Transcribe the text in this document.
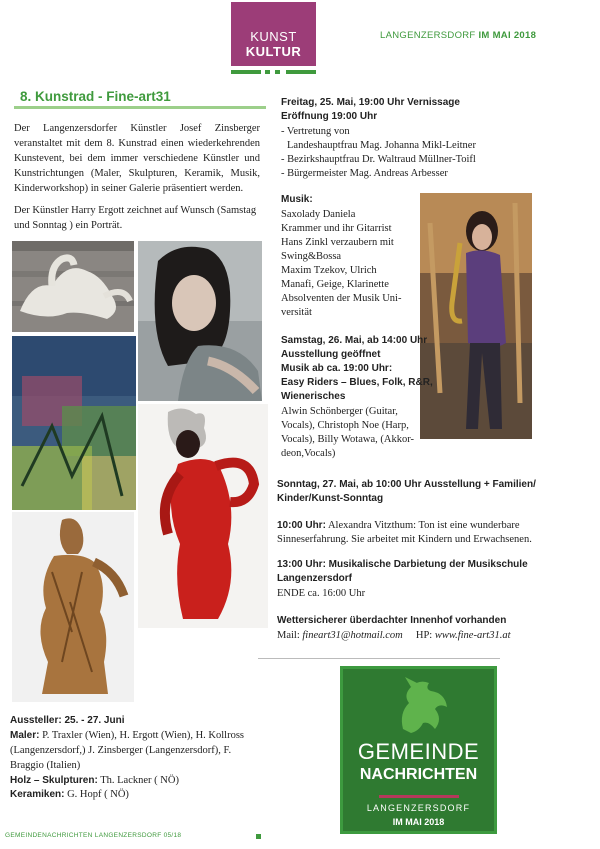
KUNST
KULTUR
LANGENZERSDORF IM MAI 2018
8. Kunstrad - Fine-art31
Der Langenzersdorfer Künstler Josef Zinsberger veranstaltet mit dem 8. Kunstrad einen wiederkehrenden Kunstevent, bei dem immer verschiedene Künstler und Kunstrichtungen (Maler, Skulpturen, Keramik, Musik, Kinderworkshop) in seiner Galerie präsentiert werden.
Der Künstler Harry Ergott zeichnet auf Wunsch (Samstag und Sonntag ) ein Porträt.
Aussteller: 25. - 27. Juni
Maler: P. Traxler (Wien), H. Ergott (Wien), H. Kollross (Langenzersdorf,) J. Zinsberger (Langenzersdorf), F. Braggio (Italien)
Holz – Skulpturen: Th. Lackner ( NÖ)
Keramiken: G. Hopf ( NÖ)
Freitag, 25. Mai, 19:00 Uhr Vernissage
Eröffnung 19:00 Uhr
- Vertretung von
Landeshauptfrau Mag. Johanna Mikl-Leitner
- Bezirkshauptfrau Dr. Waltraud Müllner-Toifl
- Bürgermeister Mag. Andreas Arbesser
Musik:
Saxolady Daniela
Krammer und ihr Gitarrist
Hans Zinkl verzaubern mit
Swing&Bossa
Maxim Tzekov, Ulrich
Manafi, Geige, Klarinette
Absolventen der Musik Uni-
versität
Samstag, 26. Mai, ab 14:00 Uhr
Ausstellung geöffnet
Musik ab ca. 19:00 Uhr:
Easy Riders – Blues, Folk, R&R,
Wienerisches
Alwin Schönberger (Guitar,
Vocals), Christoph Noe (Harp,
Vocals), Billy Wotawa, (Akkor-
deon,Vocals)
Sonntag, 27. Mai, ab 10:00 Uhr Ausstellung + Familien/
Kinder/Kunst-Sonntag
10:00 Uhr: Alexandra Vitzthum: Ton ist eine wunderbare
Sinneserfahrung. Sie arbeitet mit Kindern und Erwachsenen.
13:00 Uhr: Musikalische Darbietung der Musikschule
Langenzersdorf
ENDE ca. 16:00 Uhr
Wettersicherer überdachter Innenhof vorhanden
Mail: fineart31@hotmail.com HP: www.fine-art31.at
GEMEINDE
NACHRICHTEN
LANGENZERSDORF
IM MAI 2018
GEMEINDENACHRICHTEN LANGENZERSDORF 05/18
